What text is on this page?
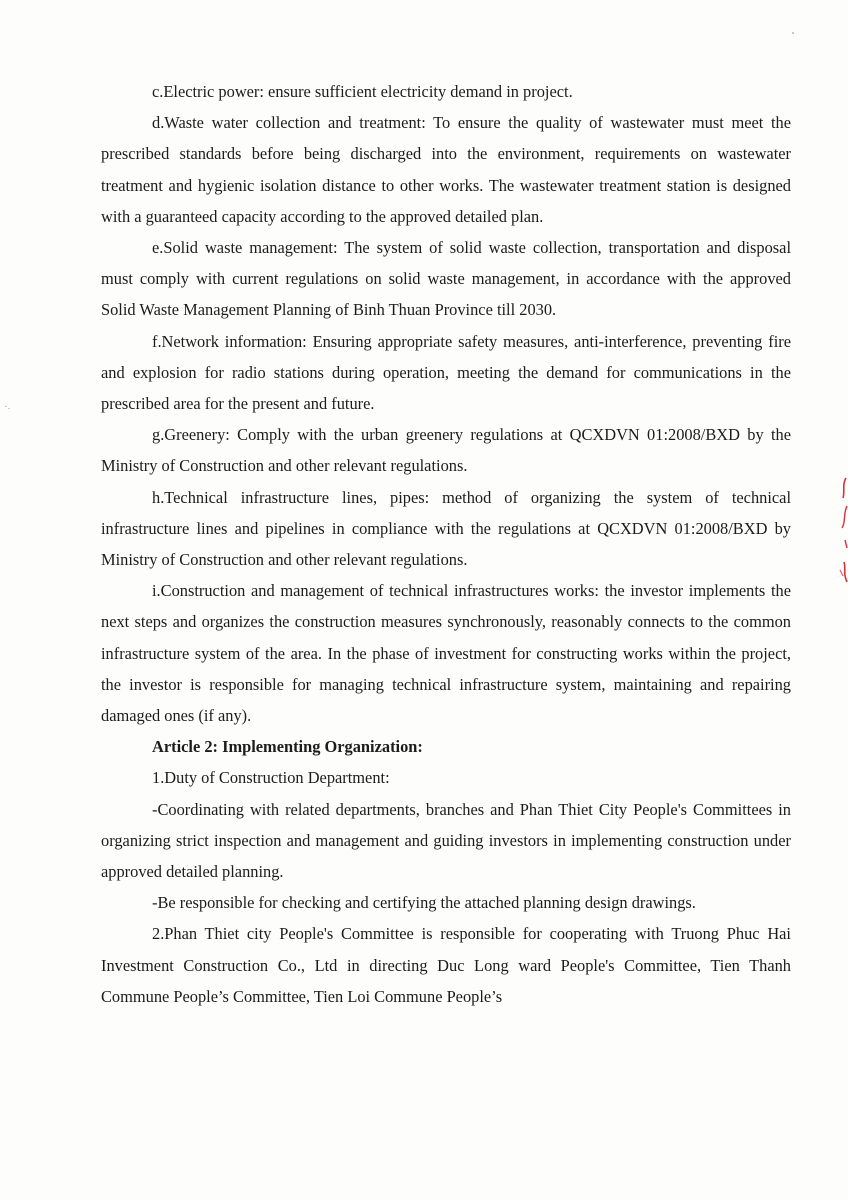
c.Electric power: ensure sufficient electricity demand in project.

d.Waste water collection and treatment: To ensure the quality of wastewater must meet the prescribed standards before being discharged into the environment, requirements on wastewater treatment and hygienic isolation distance to other works. The wastewater treatment station is designed with a guaranteed capacity according to the approved detailed plan.

e.Solid waste management: The system of solid waste collection, transportation and disposal must comply with current regulations on solid waste management, in accordance with the approved Solid Waste Management Planning of Binh Thuan Province till 2030.

f.Network information: Ensuring appropriate safety measures, anti-interference, preventing fire and explosion for radio stations during operation, meeting the demand for communications in the prescribed area for the present and future.

g.Greenery: Comply with the urban greenery regulations at QCXDVN 01:2008/BXD by the Ministry of Construction and other relevant regulations.

h.Technical infrastructure lines, pipes: method of organizing the system of technical infrastructure lines and pipelines in compliance with the regulations at QCXDVN 01:2008/BXD by Ministry of Construction and other relevant regulations.

i.Construction and management of technical infrastructures works: the investor implements the next steps and organizes the construction measures synchronously, reasonably connects to the common infrastructure system of the area. In the phase of investment for constructing works within the project, the investor is responsible for managing technical infrastructure system, maintaining and repairing damaged ones (if any).

Article 2: Implementing Organization:

1.Duty of Construction Department:

-Coordinating with related departments, branches and Phan Thiet City People's Committees in organizing strict inspection and management and guiding investors in implementing construction under approved detailed planning.

-Be responsible for checking and certifying the attached planning design drawings.

2.Phan Thiet city People's Committee is responsible for cooperating with Truong Phuc Hai Investment Construction Co., Ltd in directing Duc Long ward People's Committee, Tien Thanh Commune People’s Committee, Tien Loi Commune People’s
